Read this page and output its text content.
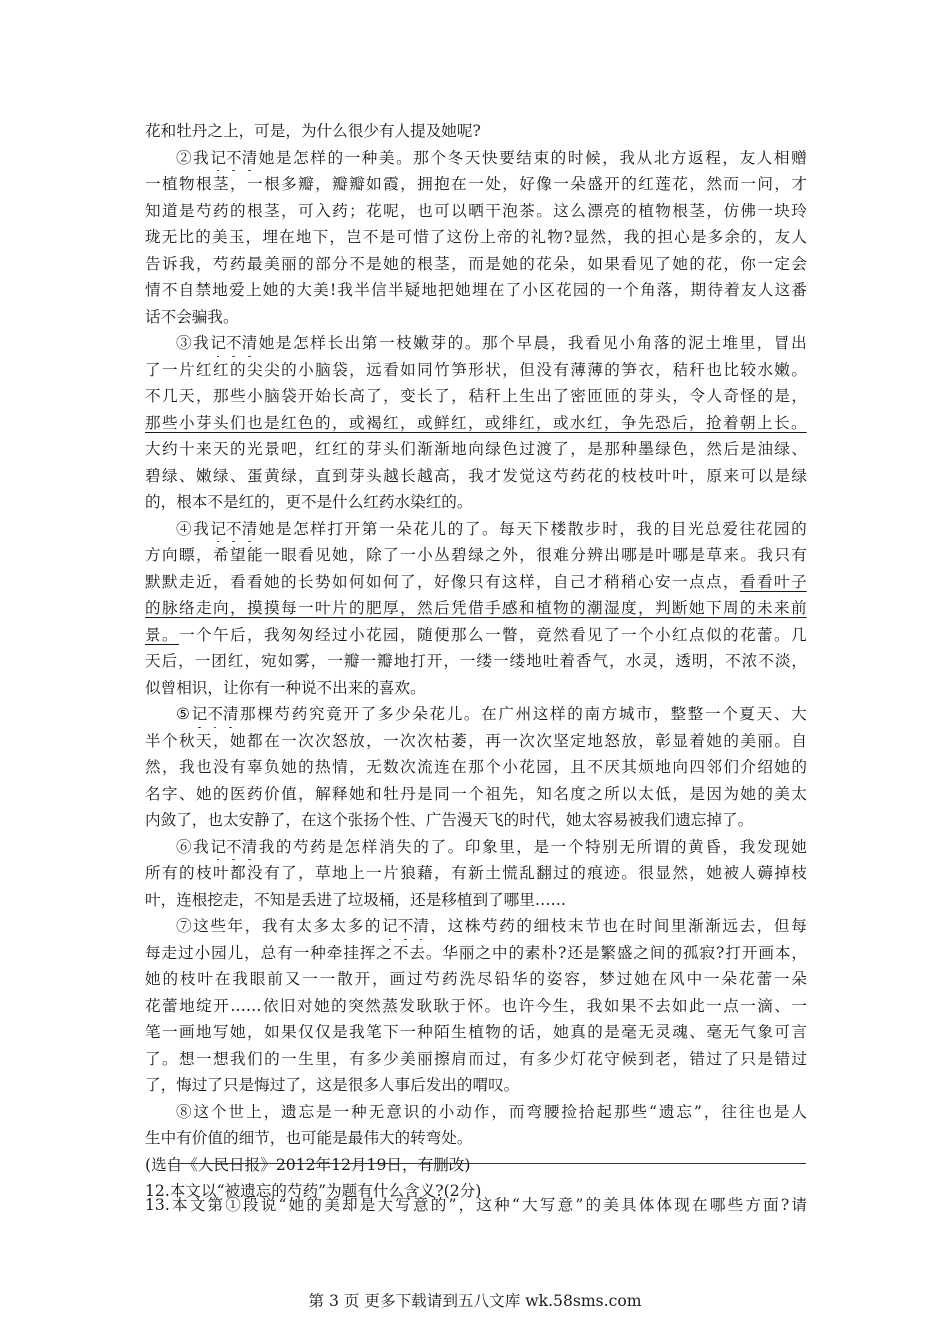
花和牡丹之上，可是，为什么很少有人提及她呢?
②我记不清她是怎样的一种美。那个冬天快要结束的时候，我从北方返程，友人相赠
一植物根茎，一根多瓣，瓣瓣如霞，拥抱在一处，好像一朵盛开的红莲花，然而一问，才
知道是芍药的根茎，可入药；花呢，也可以晒干泡茶。这么漂亮的植物根茎，仿佛一块玲
珑无比的美玉，埋在地下，岂不是可惜了这份上帝的礼物?显然，我的担心是多余的，友人
告诉我，芍药最美丽的部分不是她的根茎，而是她的花朵，如果看见了她的花，你一定会
情不自禁地爱上她的大美!我半信半疑地把她埋在了小区花园的一个角落，期待着友人这番
话不会骗我。
③我记不清她是怎样长出第一枝嫩芽的。那个早晨，我看见小角落的泥土堆里，冒出
了一片红红的尖尖的小脑袋，远看如同竹笋形状，但没有薄薄的笋衣，秸秆也比较水嫩。
不几天，那些小脑袋开始长高了，变长了，秸秆上生出了密匝匝的芽头，令人奇怪的是，
那些小芽头们也是红色的，或褐红，或鲜红，或绯红，或水红，争先恐后，抢着朝上长。
大约十来天的光景吧，红红的芽头们渐渐地向绿色过渡了，是那种墨绿色，然后是油绿、
碧绿、嫩绿、蛋黄绿，直到芽头越长越高，我才发觉这芍药花的枝枝叶叶，原来可以是绿
的，根本不是红的，更不是什么红药水染红的。
④我记不清她是怎样打开第一朵花儿的了。每天下楼散步时，我的目光总爱往花园的
方向瞟，希望能一眼看见她，除了一小丛碧绿之外，很难分辨出哪是叶哪是草来。我只有
默默走近，看看她的长势如何如何了，好像只有这样，自己才稍稍心安一点点，看看叶子
的脉络走向，摸摸每一叶片的肥厚，然后凭借手感和植物的潮湿度，判断她下周的未来前
景。一个午后，我匆匆经过小花园，随便那么一瞥，竟然看见了一个小红点似的花蕾。几
天后，一团红，宛如雾，一瓣一瓣地打开，一缕一缕地吐着香气，水灵，透明，不浓不淡，
似曾相识，让你有一种说不出来的喜欢。
⑤记不清那棵芍药究竟开了多少朵花儿。在广州这样的南方城市，整整一个夏天、大
半个秋天，她都在一次次怒放，一次次枯萎，再一次次坚定地怒放，彰显着她的美丽。自
然，我也没有辜负她的热情，无数次流连在那个小花园，且不厌其烦地向四邻们介绍她的
名字、她的医药价值，解释她和牡丹是同一个祖先，知名度之所以太低，是因为她的美太
内敛了，也太安静了，在这个张扬个性、广告漫天飞的时代，她太容易被我们遗忘掉了。
⑥我记不清我的芍药是怎样消失的了。印象里，是一个特别无所谓的黄昏，我发现她
所有的枝叶都没有了，草地上一片狼藉，有新土慌乱翻过的痕迹。很显然，她被人薅掉枝
叶，连根挖走，不知是丢进了垃圾桶，还是移植到了哪里……
⑦这些年，我有太多太多的记不清，这株芍药的细枝末节也在时间里渐渐远去，但每
每走过小园儿，总有一种牵挂挥之不去。华丽之中的素朴?还是繁盛之间的孤寂?打开画本，
她的枝叶在我眼前又一一散开，画过芍药洗尽铅华的姿容，梦过她在风中一朵花蕾一朵
花蕾地绽开……依旧对她的突然蒸发耿耿于怀。也许今生，我如果不去如此一点一滴、一
笔一画地写她，如果仅仅是我笔下一种陌生植物的话，她真的是毫无灵魂、毫无气象可言
了。想一想我们的一生里，有多少美丽擦肩而过，有多少灯花守候到老，错过了只是错过
了，悔过了只是悔过了，这是很多人事后发出的喟叹。
⑧这个世上，遗忘是一种无意识的小动作，而弯腰捡拾起那些“遗忘”，往往也是人
生中有价值的细节，也可能是最伟大的转弯处。
(选自《人民日报》2012年12月19日，有删改)
12.本文以“被遗忘的芍药”为题有什么含义?(2分)
13.本文第①段说“她的美却是大写意的”，这种“大写意”的美具体体现在哪些方面?请
第 3 页 更多下载请到五八文库 wk.58sms.com
